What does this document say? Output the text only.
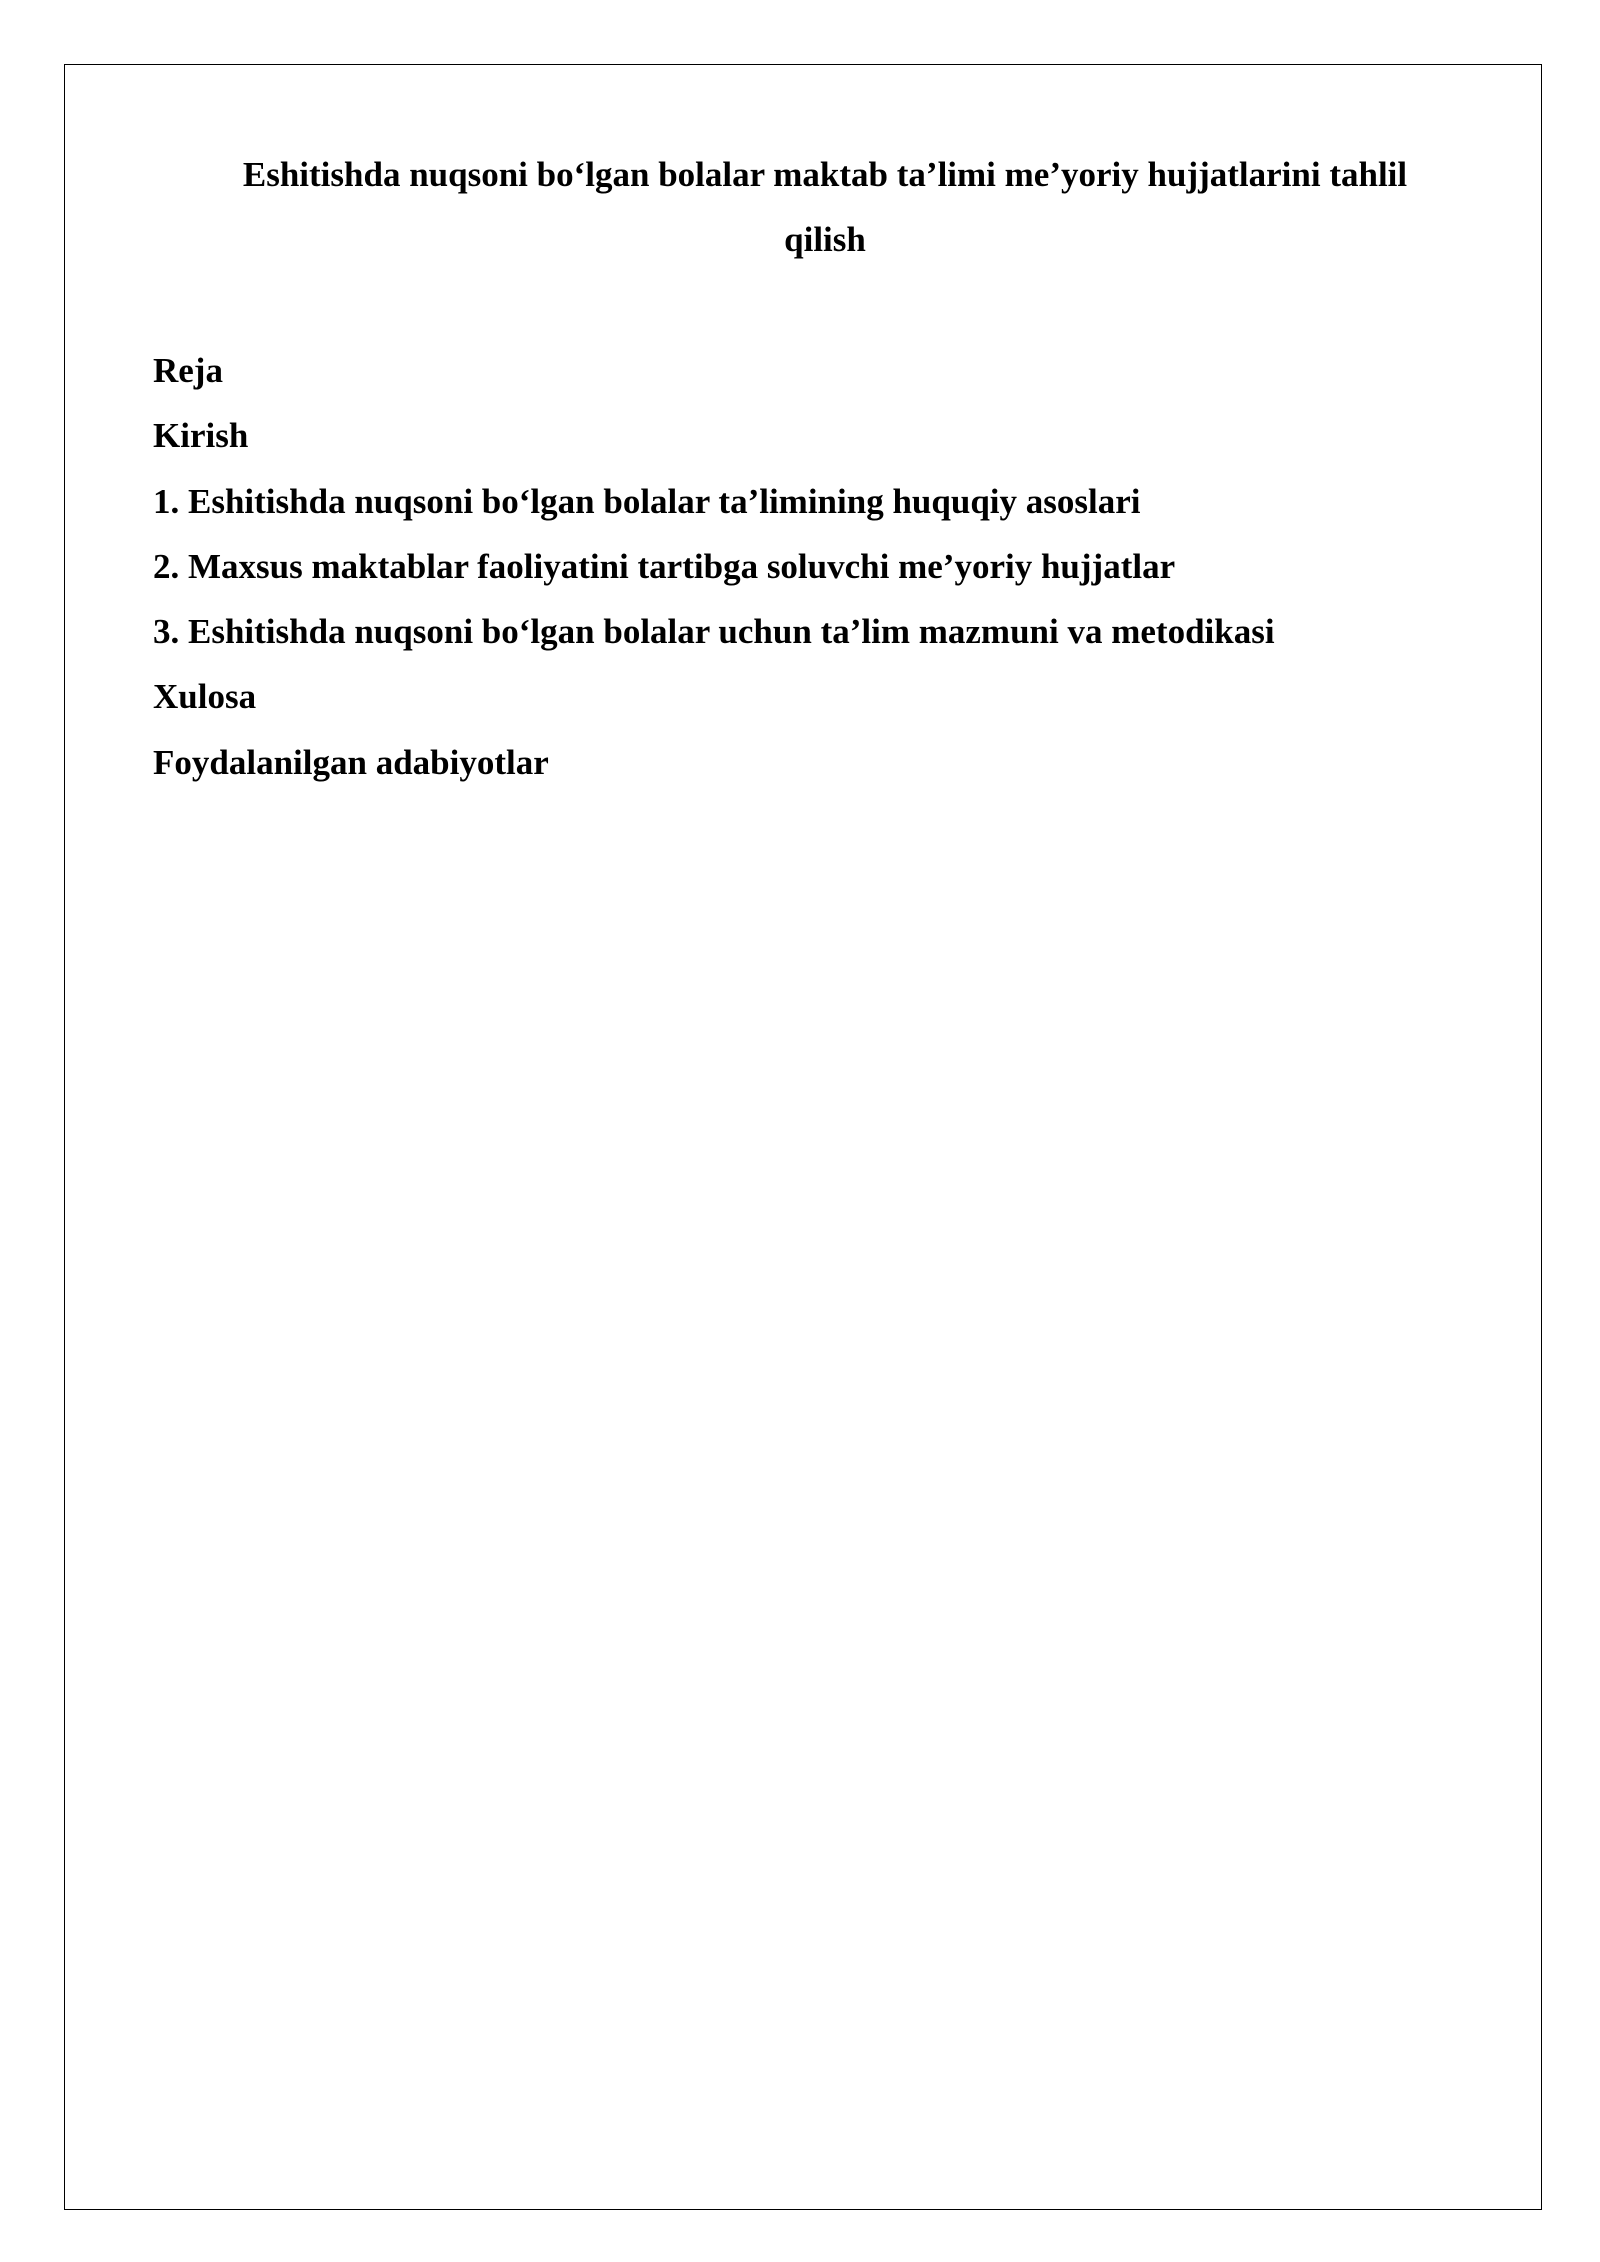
Eshitishda nuqsoni bo‘lgan bolalar maktab ta’limi me’yoriy hujjatlarini tahlil
qilish
Reja
Kirish
1. Eshitishda nuqsoni bo‘lgan bolalar ta’limining huquqiy asoslari
2. Maxsus maktablar faoliyatini tartibga soluvchi me’yoriy hujjatlar
3. Eshitishda nuqsoni bo‘lgan bolalar uchun ta’lim mazmuni va metodikasi
Xulosa
Foydalanilgan adabiyotlar
